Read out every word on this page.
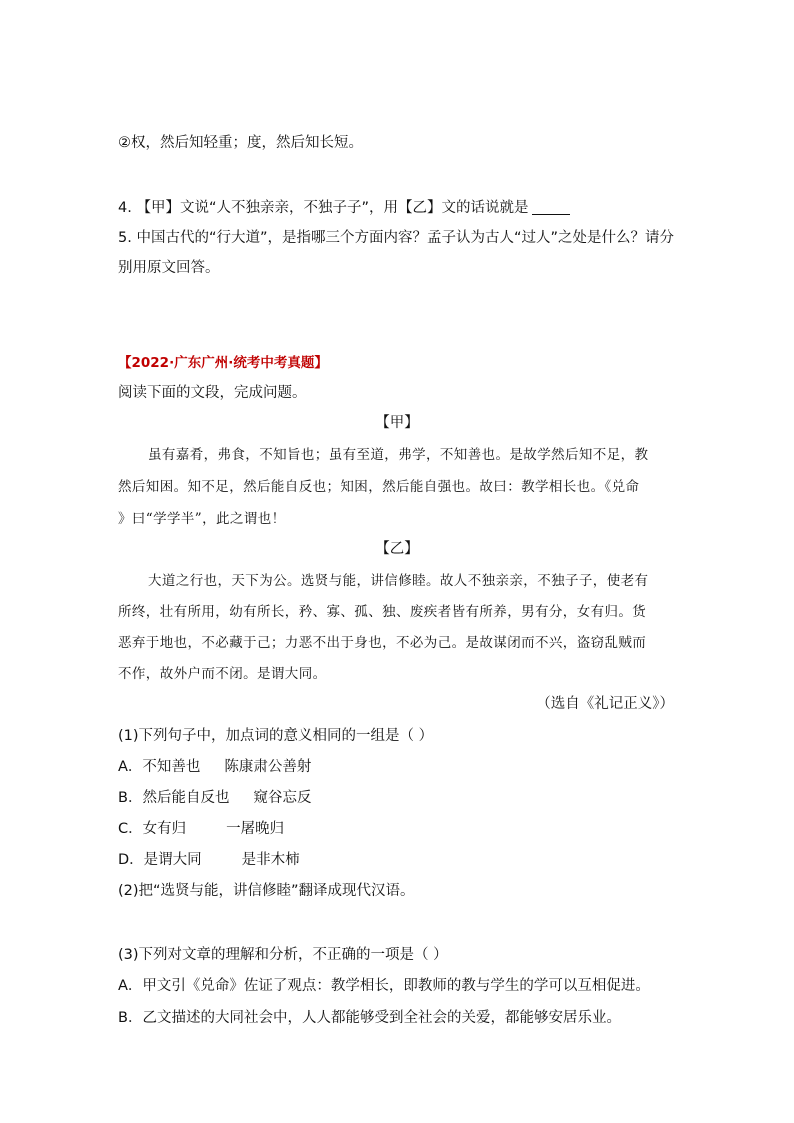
②权，然后知轻重；度，然后知长短。
4. 【甲】文说“人不独亲亲，不独子子”，用【乙】文的话说就是
5. 中国古代的“行大道”，是指哪三个方面内容？孟子认为古人“过人”之处是什么？请分
别用原文回答。
【2022·广东广州·统考中考真题】
阅读下面的文段，完成问题。
【甲】
虽有嘉肴，弗食，不知旨也；虽有至道，弗学，不知善也。是故学然后知不足，教
然后知困。知不足，然后能自反也；知困，然后能自强也。故曰：教学相长也。《兑命
》曰“学学半”，此之谓也！
【乙】
大道之行也，天下为公。选贤与能，讲信修睦。故人不独亲亲，不独子子，使老有
所终，壮有所用，幼有所长，矜、寡、孤、独、废疾者皆有所养，男有分，女有归。货
恶弃于地也，不必藏于己；力恶不出于身也，不必为己。是故谋闭而不兴，盗窃乱贼而
不作，故外户而不闭。是谓大同。
（选自《礼记正义》）
(1)下列句子中，加点词的意义相同的一组是（ ）
A．不知善也 陈康肃公善射
B．然后能自反也 窥谷忘反
C．女有归	一屠晚归
D．是谓大同	是非木柿
(2)把“选贤与能，讲信修睦”翻译成现代汉语。
(3)下列对文章的理解和分析，不正确的一项是（ ）
A．甲文引《兑命》佐证了观点：教学相长，即教师的教与学生的学可以互相促进。
B．乙文描述的大同社会中，人人都能够受到全社会的关爱，都能够安居乐业。
